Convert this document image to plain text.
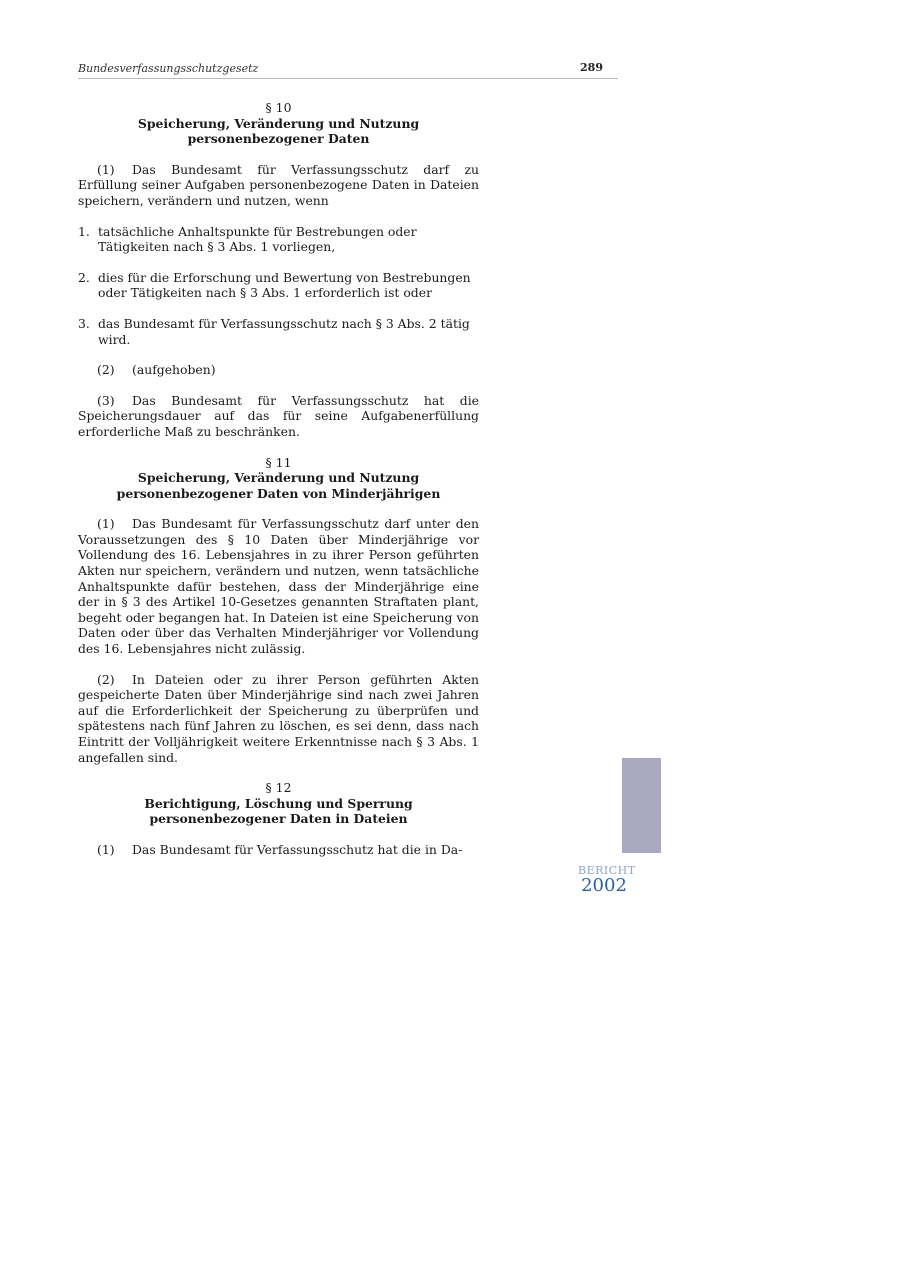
Bundesverfassungsschutzgesetz	289
§ 10
Speicherung, Veränderung und Nutzung
personenbezogener Daten

(1) Das Bundesamt für Verfassungsschutz darf zu Erfüllung seiner Aufgaben personenbezogene Daten in Dateien speichern, verändern und nutzen, wenn

1. tatsächliche Anhaltspunkte für Bestrebungen oder Tätigkeiten nach § 3 Abs. 1 vorliegen,
2. dies für die Erforschung und Bewertung von Bestrebungen oder Tätigkeiten nach § 3 Abs. 1 erforderlich ist oder
3. das Bundesamt für Verfassungsschutz nach § 3 Abs. 2 tätig wird.

(2) (aufgehoben)

(3) Das Bundesamt für Verfassungsschutz hat die Speicherungsdauer auf das für seine Aufgabenerfüllung erforderliche Maß zu beschränken.

§ 11
Speicherung, Veränderung und Nutzung
personenbezogener Daten von Minderjährigen

(1) Das Bundesamt für Verfassungsschutz darf unter den Voraussetzungen des § 10 Daten über Minderjährige vor Vollendung des 16. Lebensjahres in zu ihrer Person geführten Akten nur speichern, verändern und nutzen, wenn tatsächliche Anhaltspunkte dafür bestehen, dass der Minderjährige eine der in § 3 des Artikel 10-Gesetzes genannten Straftaten plant, begeht oder begangen hat. In Dateien ist eine Speicherung von Daten oder über das Verhalten Minderjähriger vor Vollendung des 16. Lebensjahres nicht zulässig.

(2) In Dateien oder zu ihrer Person geführten Akten gespeicherte Daten über Minderjährige sind nach zwei Jahren auf die Erforderlichkeit der Speicherung zu überprüfen und spätestens nach fünf Jahren zu löschen, es sei denn, dass nach Eintritt der Volljährigkeit weitere Erkenntnisse nach § 3 Abs. 1 angefallen sind.

§ 12
Berichtigung, Löschung und Sperrung
personenbezogener Daten in Dateien

(1) Das Bundesamt für Verfassungsschutz hat die in Da-

BERICHT
2002
